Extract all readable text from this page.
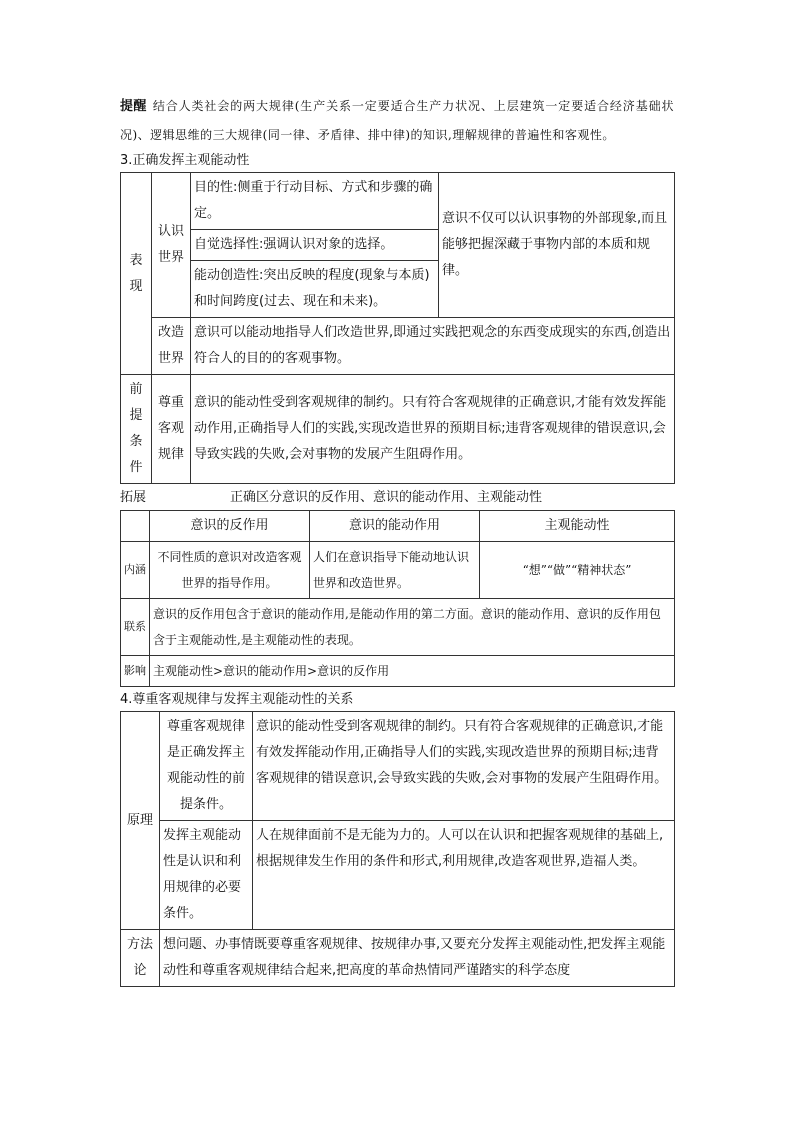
提醒 结合人类社会的两大规律(生产关系一定要适合生产力状况、上层建筑一定要适合经济基础状况)、逻辑思维的三大规律(同一律、矛盾律、排中律)的知识,理解规律的普遍性和客观性。

3.正确发挥主观能动性

表现	认识世界	目的性:侧重于行动目标、方式和步骤的确定。	意识不仅可以认识事物的外部现象,而且能够把握深藏于事物内部的本质和规律。
		自觉选择性:强调认识对象的选择。	
		能动创造性:突出反映的程度(现象与本质)和时间跨度(过去、现在和未来)。	
	改造世界	意识可以能动地指导人们改造世界,即通过实践把观念的东西变成现实的东西,创造出符合人的目的的客观事物。	
前提条件	尊重客观规律	意识的能动性受到客观规律的制约。只有符合客观规律的正确意识,才能有效发挥能动作用,正确指导人们的实践,实现改造世界的预期目标;违背客观规律的错误意识,会导致实践的失败,会对事物的发展产生阻碍作用。	
拓展	正确区分意识的反作用、意识的能动作用、主观能动性
	意识的反作用	意识的能动作用	主观能动性
内涵	不同性质的意识对改造客观世界的指导作用。	人们在意识指导下能动地认识世界和改造世界。	“想”“做”“精神状态”
联系	意识的反作用包含于意识的能动作用,是能动作用的第二方面。意识的能动作用、意识的反作用包含于主观能动性,是主观能动性的表现。		
影响	主观能动性>意识的能动作用>意识的反作用		

4.尊重客观规律与发挥主观能动性的关系

原理	尊重客观规律是正确发挥主观能动性的前提条件。	意识的能动性受到客观规律的制约。只有符合客观规律的正确意识,才能有效发挥能动作用,正确指导人们的实践,实现改造世界的预期目标;违背客观规律的错误意识,会导致实践的失败,会对事物的发展产生阻碍作用。
	发挥主观能动性是认识和利用规律的必要条件。	人在规律面前不是无能为力的。人可以在认识和把握客观规律的基础上,根据规律发生作用的条件和形式,利用规律,改造客观世界,造福人类。
方法论	想问题、办事情既要尊重客观规律、按规律办事,又要充分发挥主观能动性,把发挥主观能动性和尊重客观规律结合起来,把高度的革命热情同严谨踏实的科学态度	
